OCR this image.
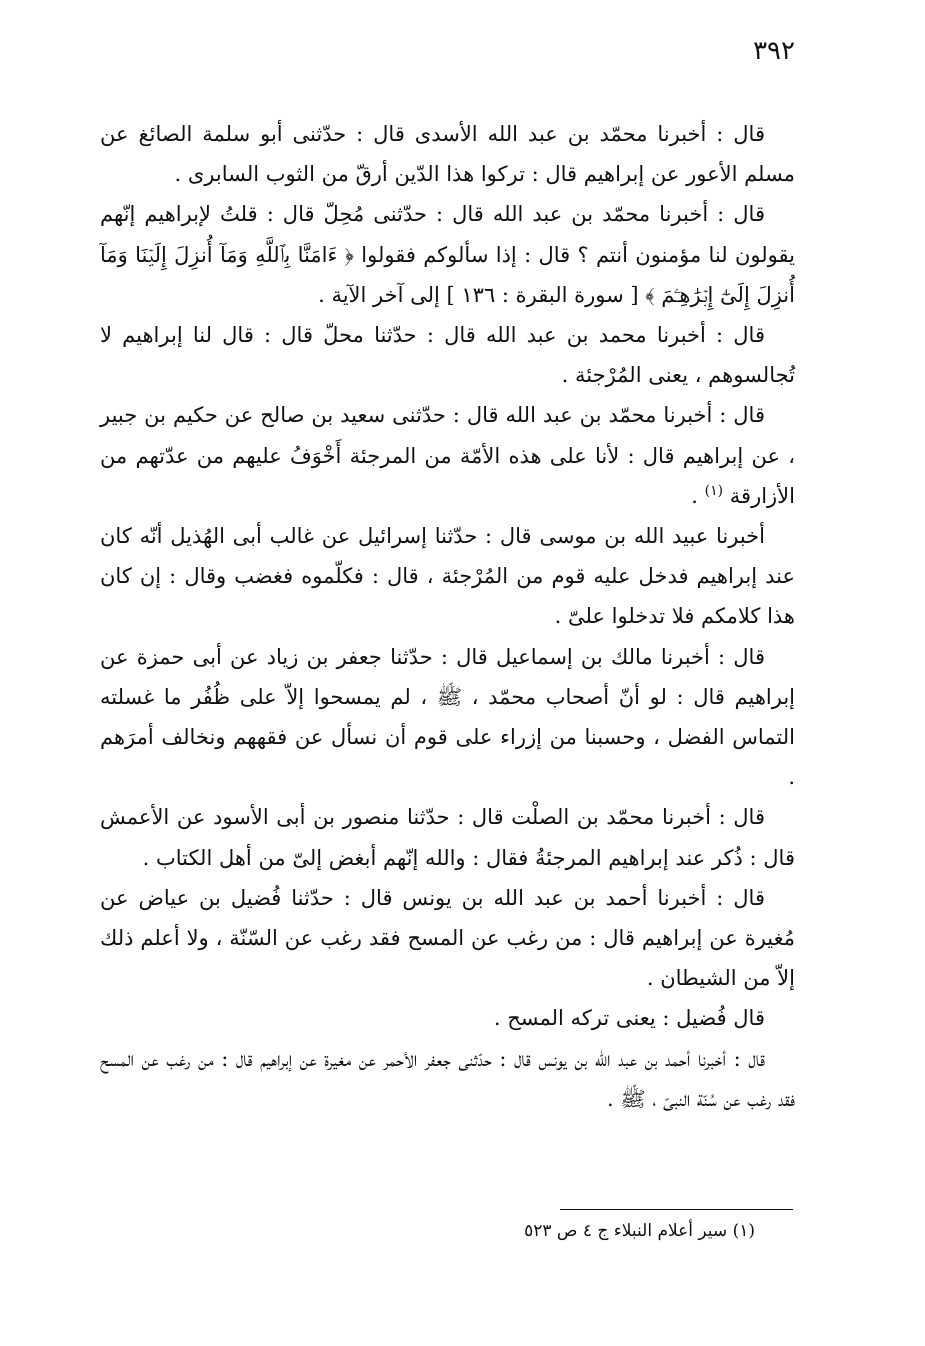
٣٩٢

قال : أخبرنا محمّد بن عبد الله الأسدى قال : حدّثنى أبو سلمة الصائغ عن مسلم الأعور عن إبراهيم قال : تركوا هذا الدّين أرقّ من الثوب السابرى .

قال : أخبرنا محمّد بن عبد الله قال : حدّثنى مُحِلّ قال : قلتُ لإبراهيم إنّهم يقولون لنا مؤمنون أنتم ؟ قال : إذا سألوكم فقولوا ﴿ ءَامَنَّا بِٱللَّهِ وَمَآ أُنزِلَ إِلَيۡنَا وَمَآ أُنزِلَ إِلَىٰٓ إِبۡرَٰهِـۧمَ ﴾ [ سورة البقرة : ١٣٦ ] إلى آخر الآية .

قال : أخبرنا محمد بن عبد الله قال : حدّثنا محلّ قال : قال لنا إبراهيم لا تُجالسوهم ، يعنى المُرْجئة .

قال : أخبرنا محمّد بن عبد الله قال : حدّثنى سعيد بن صالح عن حكيم بن جبير ، عن إبراهيم قال : لأنا على هذه الأمّة من المرجئة أَخْوَفُ عليهم من عدّتهم من الأزارقة $^{(١)}$ .

أخبرنا عبيد الله بن موسى قال : حدّثنا إسرائيل عن غالب أبى الهُذيل أنّه كان عند إبراهيم فدخل عليه قوم من المُرْجئة ، قال : فكلّموه فغضب وقال : إن كان هذا كلامكم فلا تدخلوا علىّ .

قال : أخبرنا مالك بن إسماعيل قال : حدّثنا جعفر بن زياد عن أبى حمزة عن إبراهيم قال : لو أنّ أصحاب محمّد ، ﷺ ، لم يمسحوا إلاّ على ظُفُر ما غسلته التماس الفضل ، وحسبنا من إزراء على قوم أن نسأل عن فقههم ونخالف أمرَهم .

قال : أخبرنا محمّد بن الصلْت قال : حدّثنا منصور بن أبى الأسود عن الأعمش قال : ذُكر عند إبراهيم المرجئةُ فقال : والله إنّهم أبغض إلىّ من أهل الكتاب .

قال : أخبرنا أحمد بن عبد الله بن يونس قال : حدّثنا فُضيل بن عياض عن مُغيرة عن إبراهيم قال : من رغب عن المسح فقد رغب عن السّنّة ، ولا أعلم ذلك إلاّ من الشيطان .

قال فُضيل : يعنى تركه المسح .

قال : أخبرنا أحمد بن عبد الله بن يونس قال : حدّثنى جعفر الأحمر عن مغيرة عن إبراهيم قال : من رغب عن المسح فقد رغب عن سُنّة النبىّ ، ﷺ .

(١) سير أعلام النبلاء ج ٤ ص ٥٢٣
